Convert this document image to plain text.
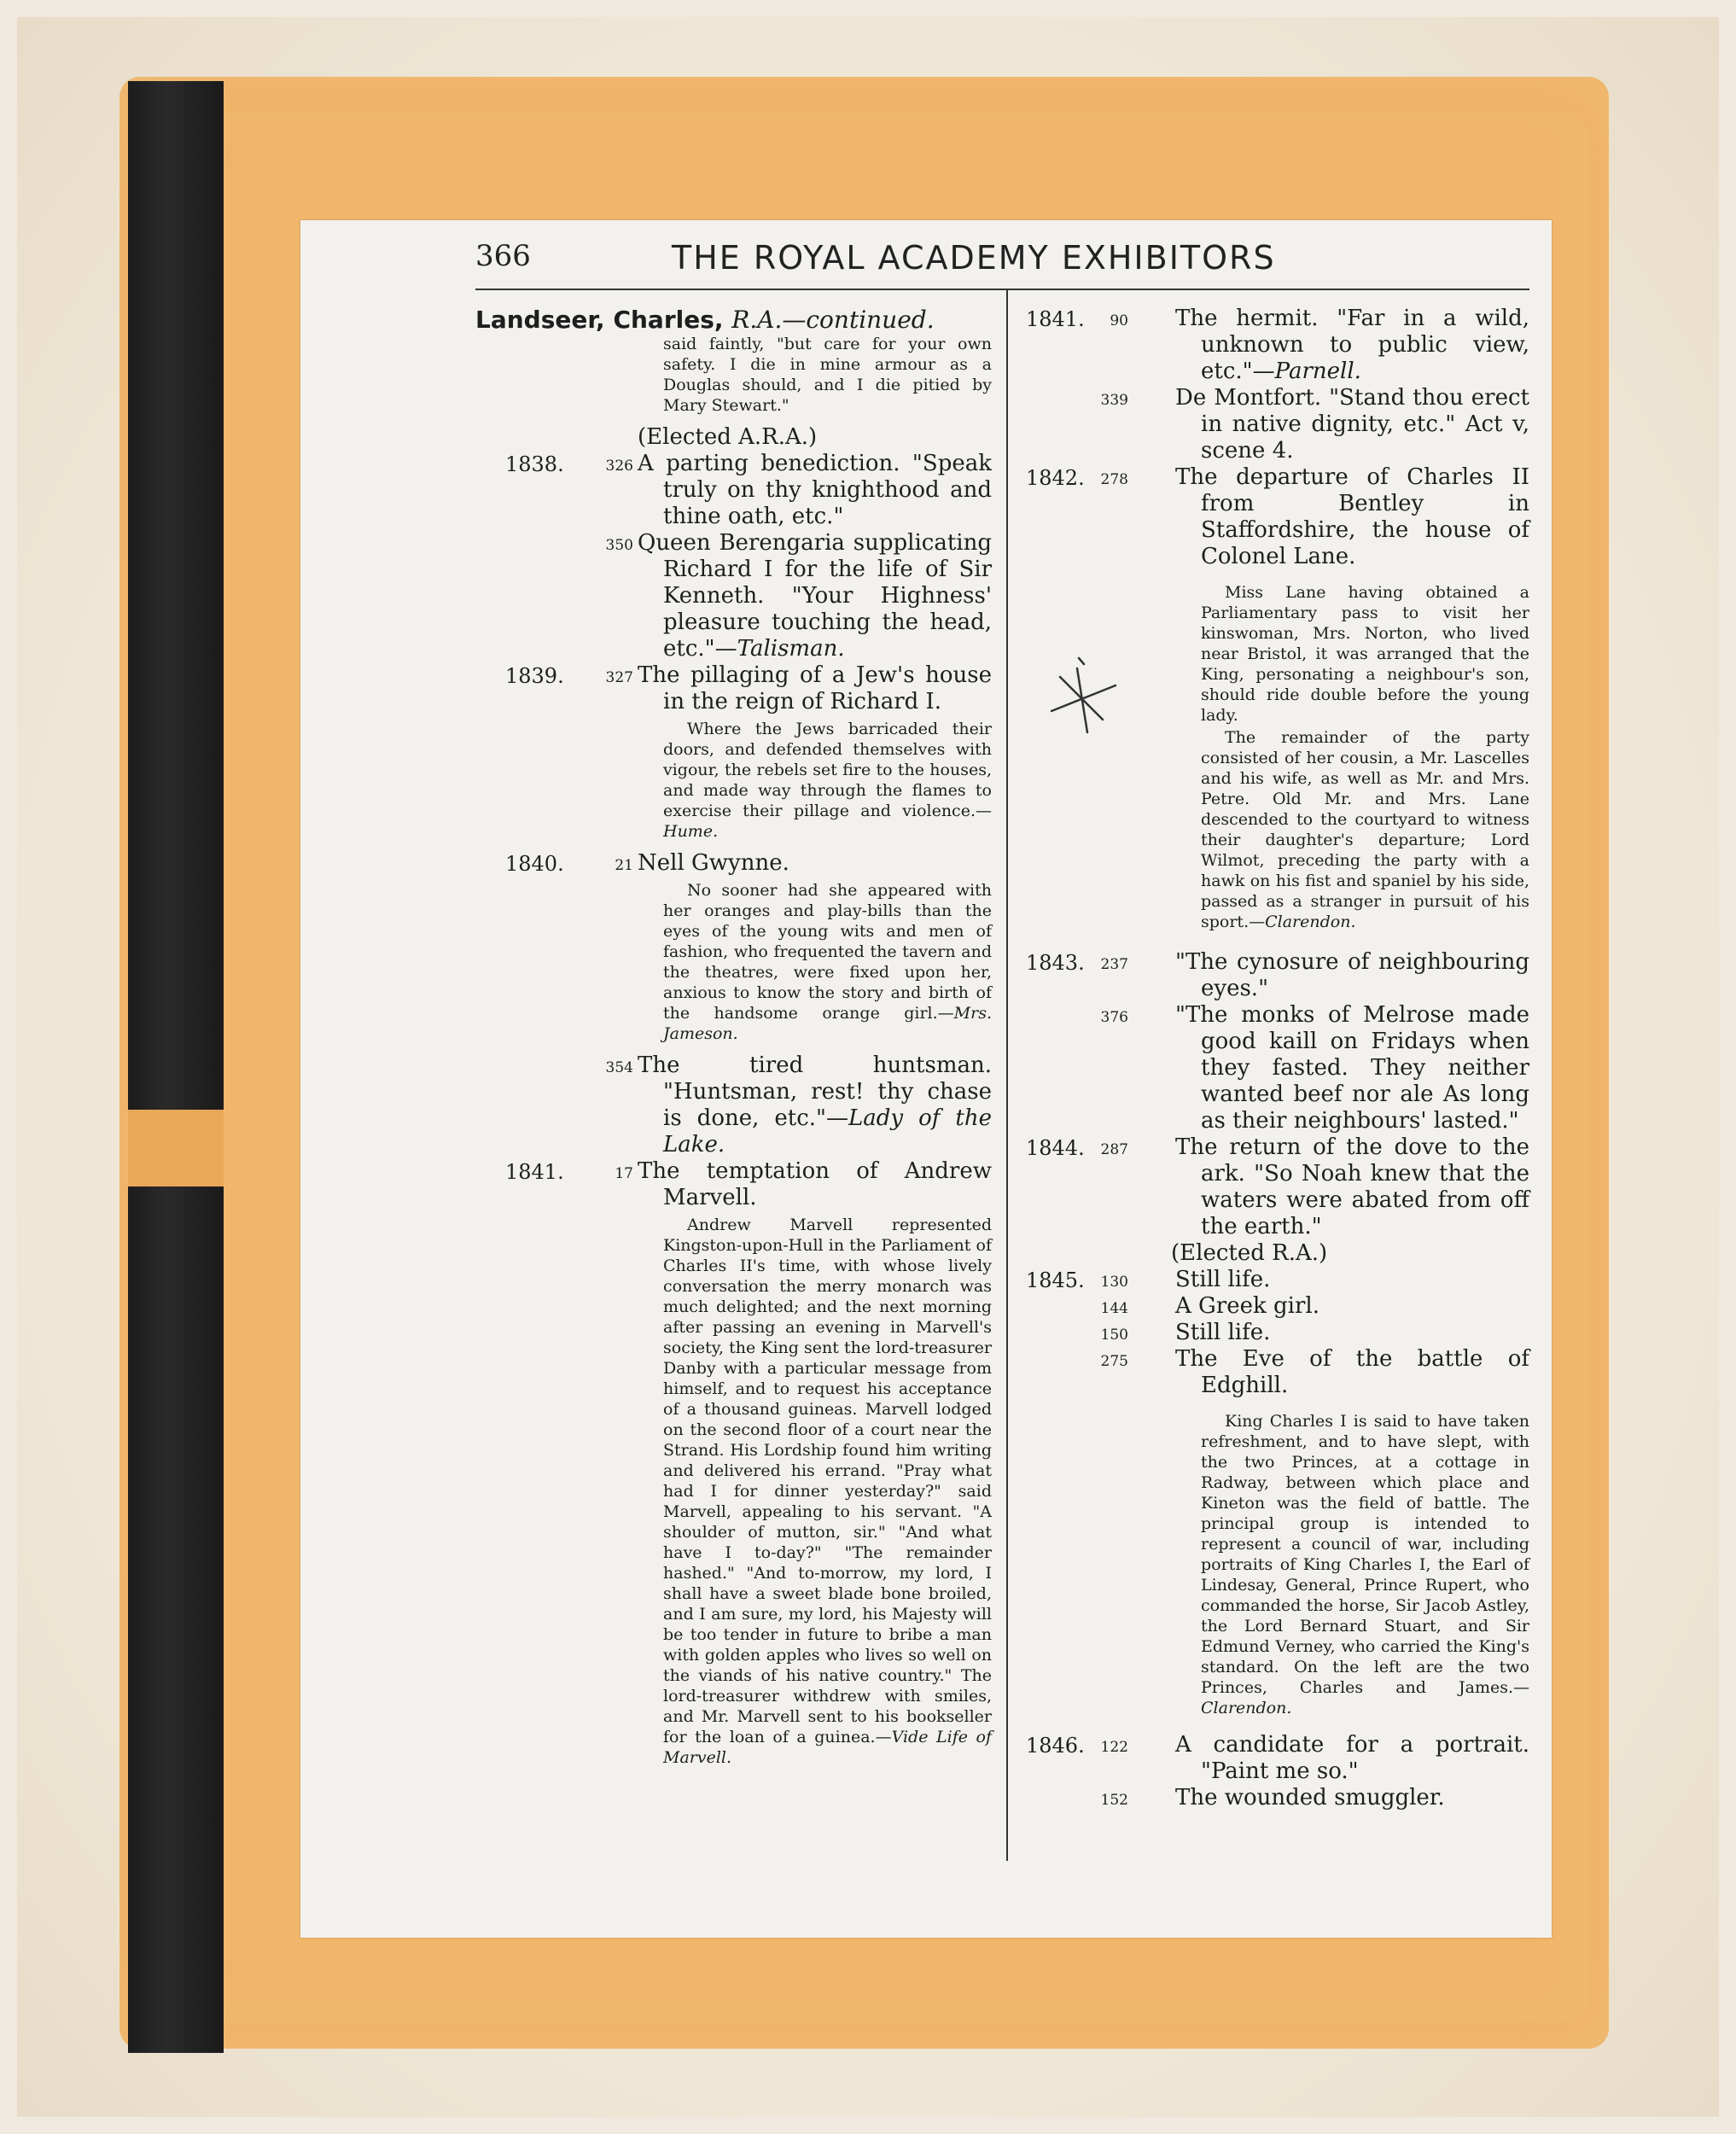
366	THE ROYAL ACADEMY EXHIBITORS

Landseer, Charles, R.A.—continued.

said faintly, "but care for your own safety. I die in mine armour as a Douglas should, and I die pitied by Mary Stewart."

(Elected A.R.A.)
1838.	326 A parting benediction. "Speak truly on thy knighthood and thine oath, etc."
350 Queen Berengaria supplicating Richard I for the life of Sir Kenneth. "Your Highness' pleasure touching the head, etc."—Talisman.
1839.	327 The pillaging of a Jew's house in the reign of Richard I.

Where the Jews barricaded their doors, and defended themselves with vigour, the rebels set fire to the houses, and made way through the flames to exercise their pillage and violence.—Hume.

1840.	21 Nell Gwynne.

No sooner had she appeared with her oranges and play-bills than the eyes of the young wits and men of fashion, who frequented the tavern and the theatres, were fixed upon her, anxious to know the story and birth of the handsome orange girl.—Mrs. Jameson.

354 The tired huntsman. "Huntsman, rest! thy chase is done, etc."—Lady of the Lake.
1841.	17 The temptation of Andrew Marvell.

Andrew Marvell represented Kingston-upon-Hull in the Parliament of Charles II's time, with whose lively conversation the merry monarch was much delighted; and the next morning after passing an evening in Marvell's society, the King sent the lord-treasurer Danby with a particular message from himself, and to request his acceptance of a thousand guineas. Marvell lodged on the second floor of a court near the Strand. His Lordship found him writing and delivered his errand. "Pray what had I for dinner yesterday?" said Marvell, appealing to his servant. "A shoulder of mutton, sir." "And what have I to-day?" "The remainder hashed." "And to-morrow, my lord, I shall have a sweet blade bone broiled, and I am sure, my lord, his Majesty will be too tender in future to bribe a man with golden apples who lives so well on the viands of his native country." The lord-treasurer withdrew with smiles, and Mr. Marvell sent to his bookseller for the loan of a guinea.—Vide Life of Marvell.

1841.	90 The hermit. "Far in a wild, unknown to public view, etc."—Parnell.
339 De Montfort. "Stand thou erect in native dignity, etc." Act v, scene 4.
1842.	278 The departure of Charles II from Bentley in Staffordshire, the house of Colonel Lane.

Miss Lane having obtained a Parliamentary pass to visit her kinswoman, Mrs. Norton, who lived near Bristol, it was arranged that the King, personating a neighbour's son, should ride double before the young lady.

The remainder of the party consisted of her cousin, a Mr. Lascelles and his wife, as well as Mr. and Mrs. Petre. Old Mr. and Mrs. Lane descended to the courtyard to witness their daughter's departure; Lord Wilmot, preceding the party with a hawk on his fist and spaniel by his side, passed as a stranger in pursuit of his sport.—Clarendon.

1843.	237 "The cynosure of neighbouring eyes."
376 "The monks of Melrose made good kaill on Fridays when they fasted. They neither wanted beef nor ale As long as their neighbours' lasted."
1844.	287 The return of the dove to the ark. "So Noah knew that the waters were abated from off the earth."
(Elected R.A.)
1845.	130 Still life.
144 A Greek girl.
150 Still life.
275 The Eve of the battle of Edghill.

King Charles I is said to have taken refreshment, and to have slept, with the two Princes, at a cottage in Radway, between which place and Kineton was the field of battle. The principal group is intended to represent a council of war, including portraits of King Charles I, the Earl of Lindesay, General, Prince Rupert, who commanded the horse, Sir Jacob Astley, the Lord Bernard Stuart, and Sir Edmund Verney, who carried the King's standard. On the left are the two Princes, Charles and James.—Clarendon.

1846.	122 A candidate for a portrait. "Paint me so."
152 The wounded smuggler.
